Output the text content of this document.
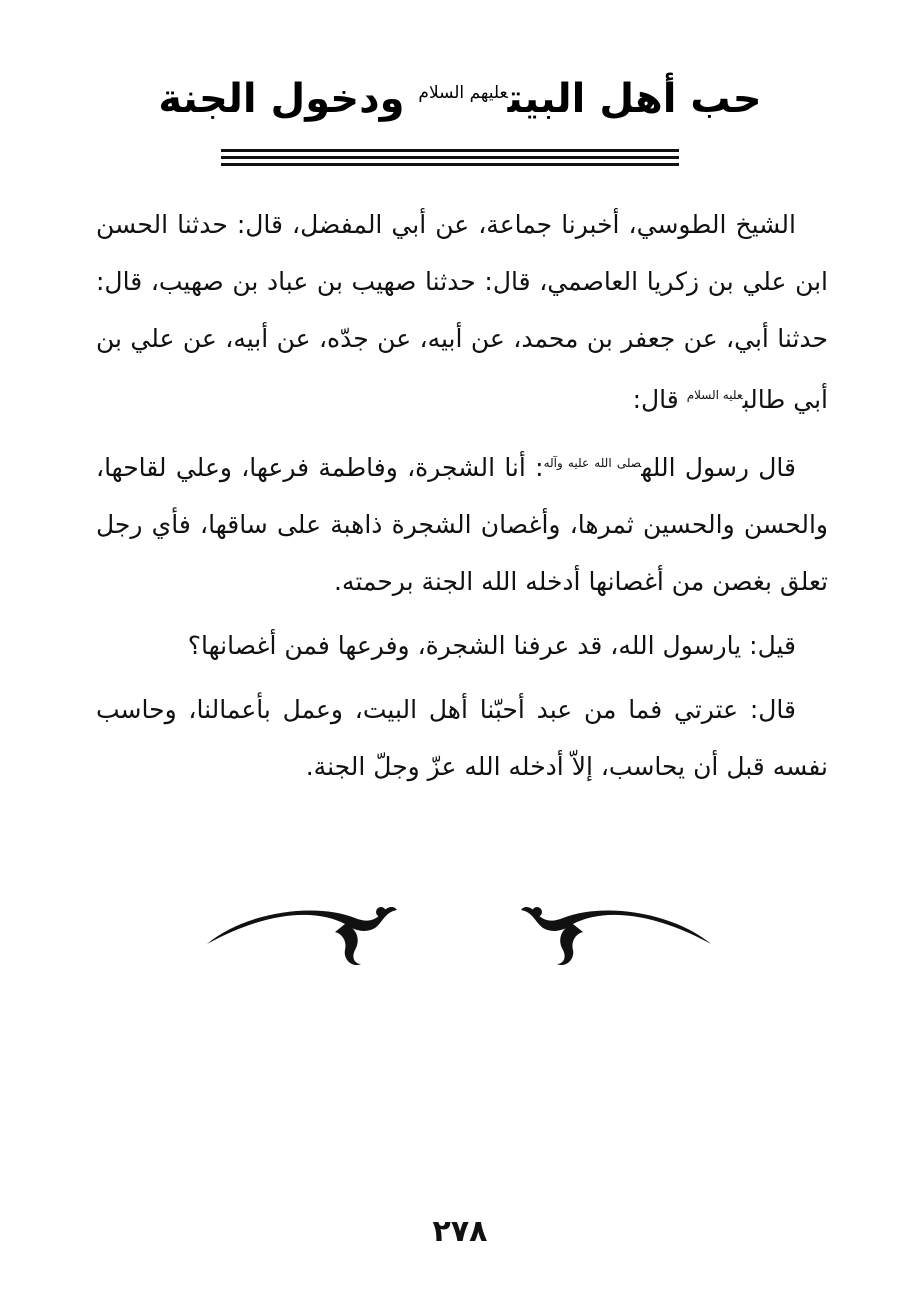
حب أهل البيت$^{عليهم السلام}$ ودخول الجنة

الشيخ الطوسي، أخبرنا جماعة، عن أبي المفضل، قال: حدثنا الحسن ابن علي بن زكريا العاصمي، قال: حدثنا صهيب بن عباد بن صهيب، قال: حدثنا أبي، عن جعفر بن محمد، عن أبيه، عن جدّه، عن أبيه، عن علي بن أبي طالب$^{عليه السلام}$ قال:

قال رسول الله$^{صلى الله عليه وآله}$: أنا الشجرة، وفاطمة فرعها، وعلي لقاحها، والحسن والحسين ثمرها، وأغصان الشجرة ذاهبة على ساقها، فأي رجل تعلق بغصن من أغصانها أدخله الله الجنة برحمته.

قيل: يارسول الله، قد عرفنا الشجرة، وفرعها فمن أغصانها؟

قال: عترتي فما من عبد أحبّنا أهل البيت، وعمل بأعمالنا، وحاسب نفسه قبل أن يحاسب، إلاّ أدخله الله عزّ وجلّ الجنة.

٢٧٨
